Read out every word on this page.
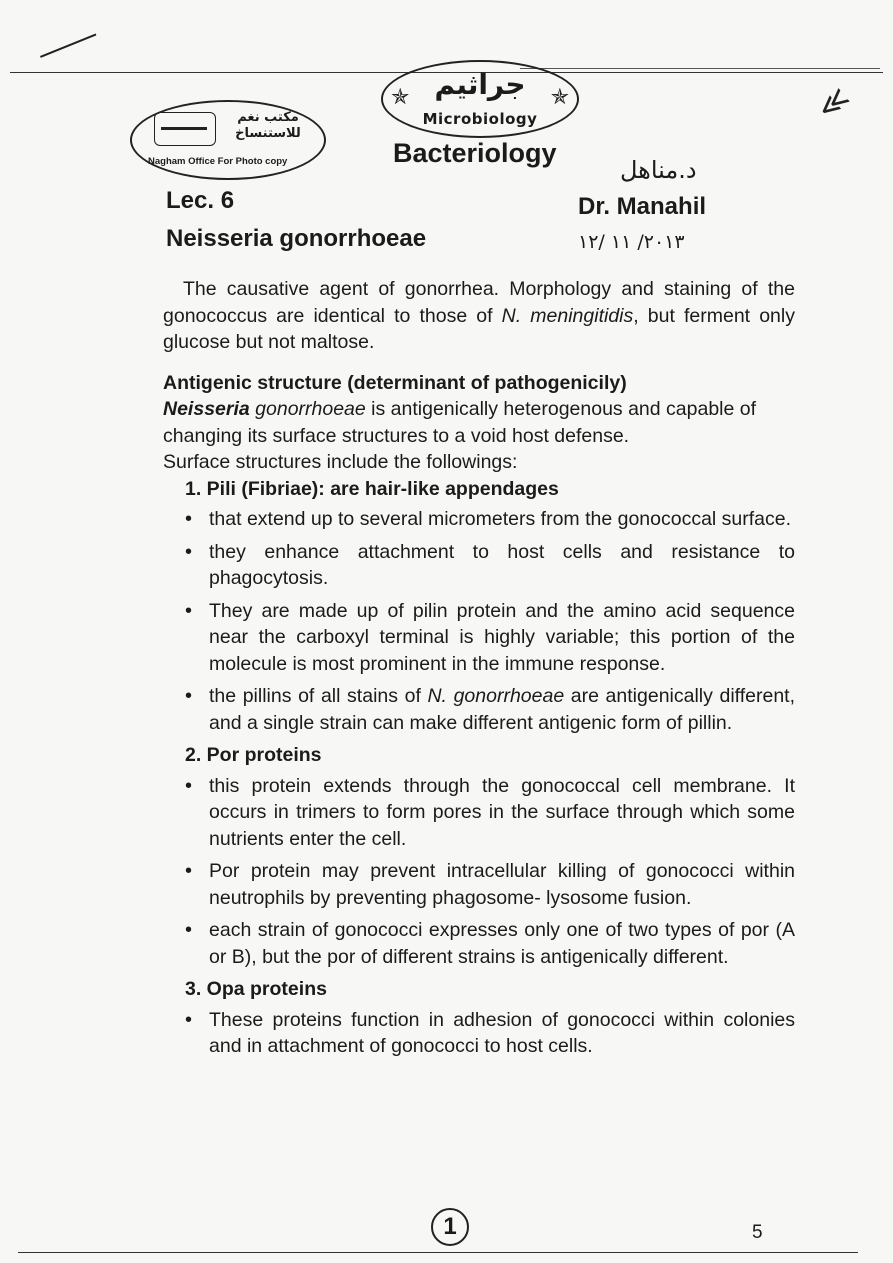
≪
مكتب نغم
للاستنساخ
Nagham Office For Photo copy
✯	✯
جراثيم
Microbiology
Bacteriology
د.مناهل
Lec. 6	Dr. Manahil
Neisseria gonorrhoeae	٢٠١٣/ ١١ /١٢

The causative agent of gonorrhea. Morphology and staining of the gonococcus are identical to those of N. meningitidis, but ferment only glucose but not maltose.

Antigenic structure (determinant of pathogenicily)

Neisseria gonorrhoeae is antigenically heterogenous and capable of changing its surface structures to a void host defense.

Surface structures include the followings:

1. Pili (Fibriae): are hair-like appendages

• that extend up to several micrometers from the gonococcal surface.
• they enhance attachment to host cells and resistance to phagocytosis.
• They are made up of pilin protein and the amino acid sequence near the carboxyl terminal is highly variable; this portion of the molecule is most prominent in the immune response.
• the pillins of all stains of N. gonorrhoeae are antigenically different, and a single strain can make different antigenic form of pillin.

2. Por proteins

• this protein extends through the gonococcal cell membrane. It occurs in trimers to form pores in the surface through which some nutrients enter the cell.
• Por protein may prevent intracellular killing of gonococci within neutrophils by preventing phagosome- lysosome fusion.
• each strain of gonococci expresses only one of two types of por (A or B), but the por of different strains is antigenically different.

3. Opa proteins

• These proteins function in adhesion of gonococci within colonies and in attachment of gonococci to host cells.
1	5
